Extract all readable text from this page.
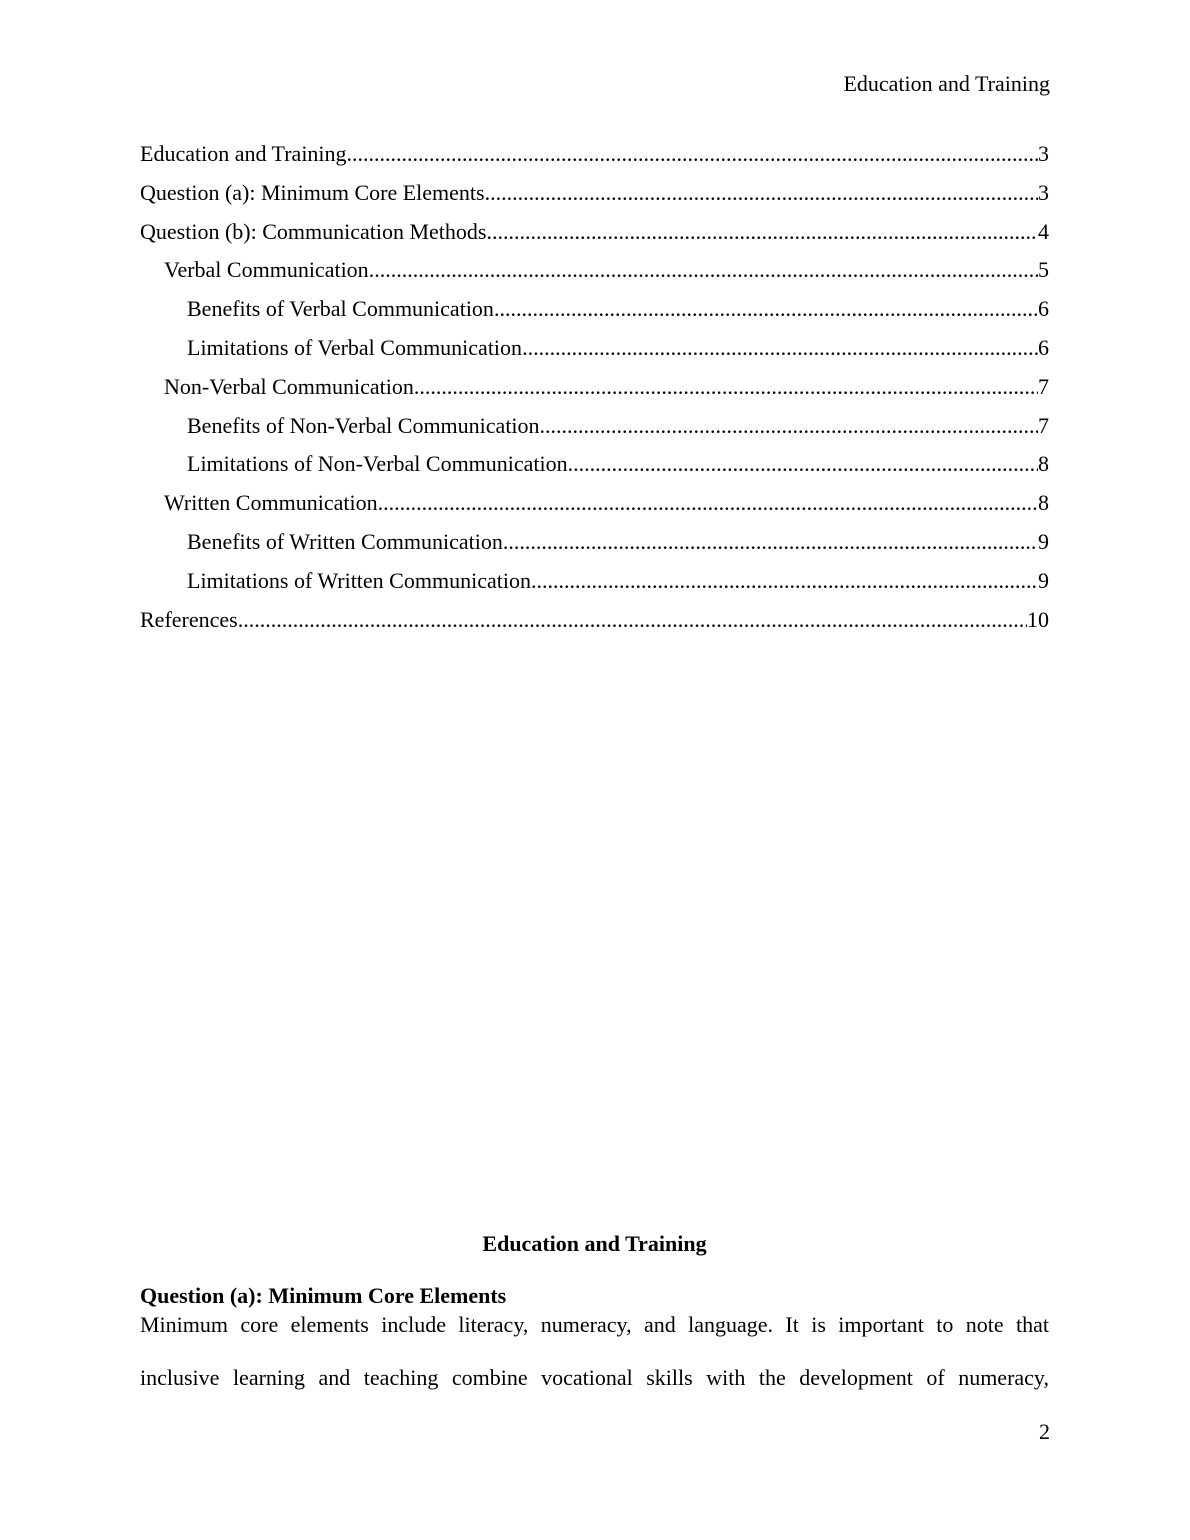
Education and Training
Education and Training .....	3
Question (a): Minimum Core Elements .....	3
Question (b): Communication Methods .....	4
Verbal Communication .....	5
Benefits of Verbal Communication .....	6
Limitations of Verbal Communication .....	6
Non-Verbal Communication .....	7
Benefits of Non-Verbal Communication .....	7
Limitations of Non-Verbal Communication .....	8
Written Communication .....	8
Benefits of Written Communication .....	9
Limitations of Written Communication .....	9
References .....	10
Education and Training
Question (a): Minimum Core Elements
Minimum core elements include literacy, numeracy, and language. It is important to note that
inclusive learning and teaching combine vocational skills with the development of numeracy,
2
